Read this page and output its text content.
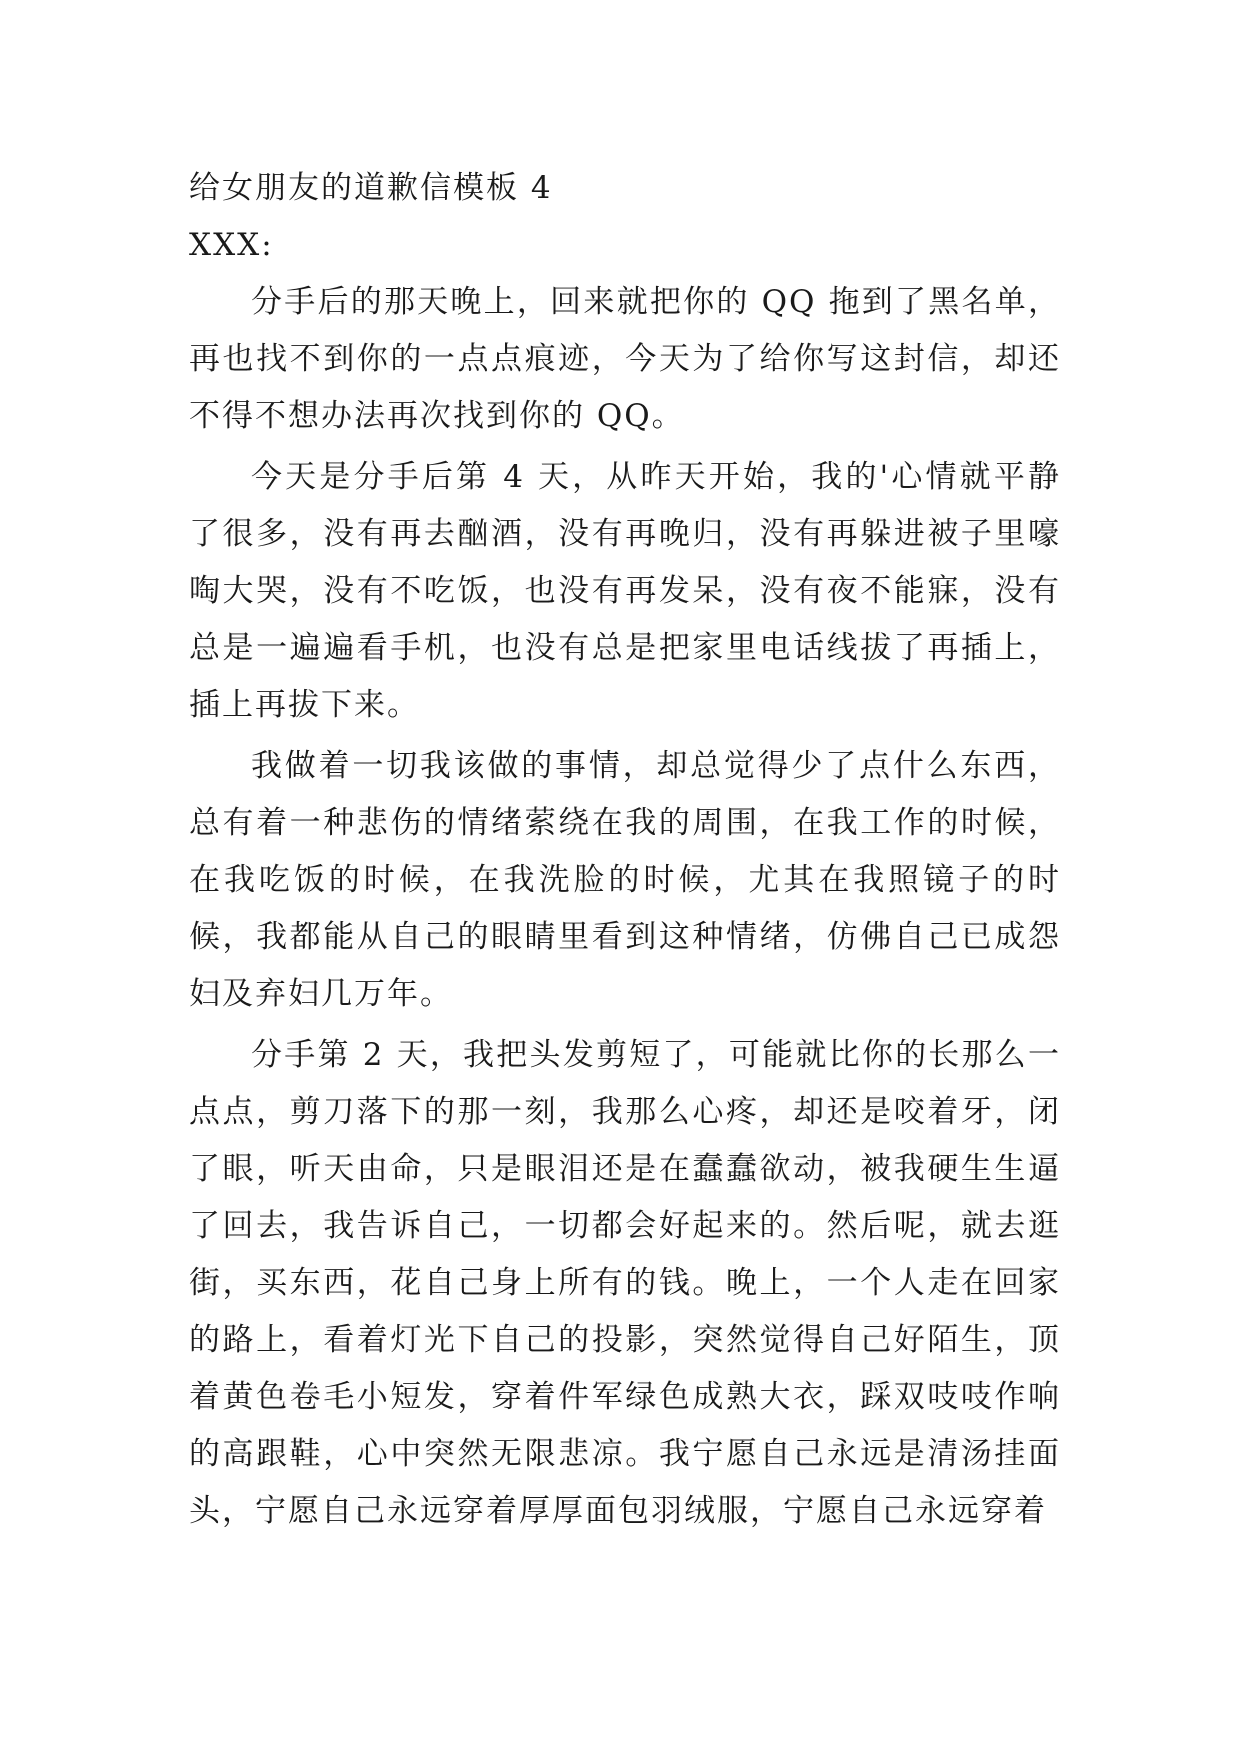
给女朋友的道歉信模板 4

XXX:

分手后的那天晚上，回来就把你的 QQ 拖到了黑名单，再也找不到你的一点点痕迹，今天为了给你写这封信，却还不得不想办法再次找到你的 QQ。

今天是分手后第 4 天，从昨天开始，我的'心情就平静了很多，没有再去酗酒，没有再晚归，没有再躲进被子里嚎啕大哭，没有不吃饭，也没有再发呆，没有夜不能寐，没有总是一遍遍看手机，也没有总是把家里电话线拔了再插上，插上再拔下来。

我做着一切我该做的事情，却总觉得少了点什么东西，总有着一种悲伤的情绪萦绕在我的周围，在我工作的时候，在我吃饭的时候，在我洗脸的时候，尤其在我照镜子的时候，我都能从自己的眼睛里看到这种情绪，仿佛自己已成怨妇及弃妇几万年。

分手第 2 天，我把头发剪短了，可能就比你的长那么一点点，剪刀落下的那一刻，我那么心疼，却还是咬着牙，闭了眼，听天由命，只是眼泪还是在蠢蠢欲动，被我硬生生逼了回去，我告诉自己，一切都会好起来的。然后呢，就去逛街，买东西，花自己身上所有的钱。晚上，一个人走在回家的路上，看着灯光下自己的投影，突然觉得自己好陌生，顶着黄色卷毛小短发，穿着件军绿色成熟大衣，踩双吱吱作响的高跟鞋，心中突然无限悲凉。我宁愿自己永远是清汤挂面头，宁愿自己永远穿着厚厚面包羽绒服，宁愿自己永远穿着
